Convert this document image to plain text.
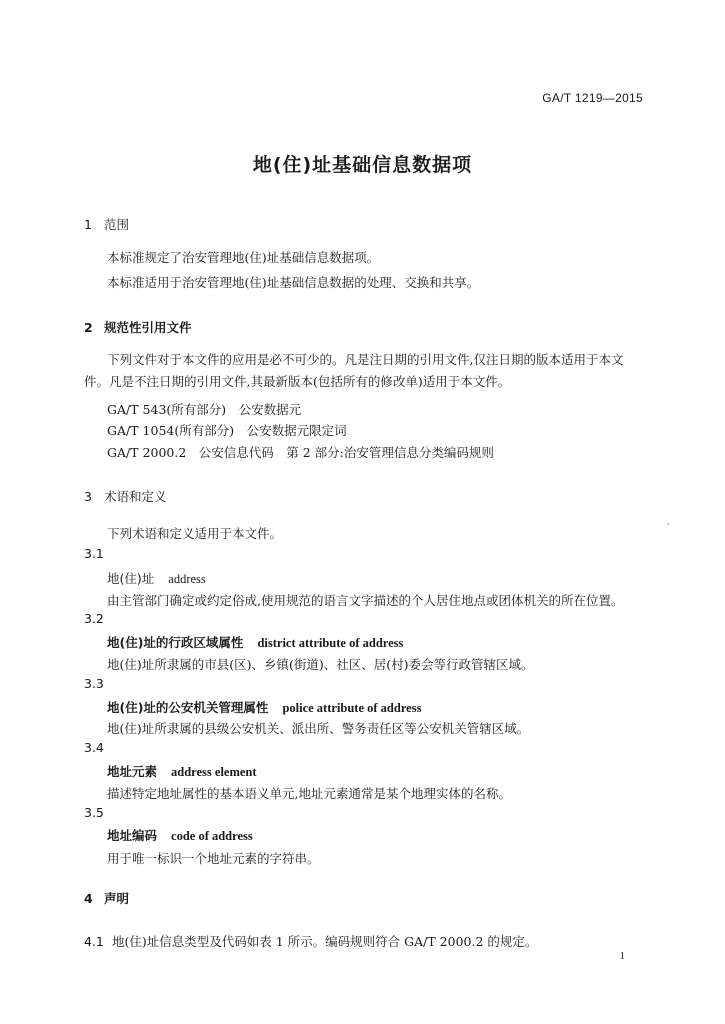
GA/T 1219—2015
地(住)址基础信息数据项
1 范围
本标准规定了治安管理地(住)址基础信息数据项。
本标准适用于治安管理地(住)址基础信息数据的处理、交换和共享。
2 规范性引用文件
下列文件对于本文件的应用是必不可少的。凡是注日期的引用文件,仅注日期的版本适用于本文件。凡是不注日期的引用文件,其最新版本(包括所有的修改单)适用于本文件。
GA/T 543(所有部分)　公安数据元
GA/T 1054(所有部分)　公安数据元限定词
GA/T 2000.2　公安信息代码　第 2 部分:治安管理信息分类编码规则
3 术语和定义
下列术语和定义适用于本文件。
-
3.1
地(住)址 address
由主管部门确定或约定俗成,使用规范的语言文字描述的个人居住地点或团体机关的所在位置。
3.2
地(住)址的行政区域属性 district attribute of address
地(住)址所隶属的市县(区)、乡镇(街道)、社区、居(村)委会等行政管辖区域。
3.3
地(住)址的公安机关管理属性 police attribute of address
地(住)址所隶属的县级公安机关、派出所、警务责任区等公安机关管辖区域。
3.4
地址元素 address element
描述特定地址属性的基本语义单元,地址元素通常是某个地理实体的名称。
3.5
地址编码 code of address
用于唯一标识一个地址元素的字符串。
4 声明
4.1 地(住)址信息类型及代码如表 1 所示。编码规则符合 GA/T 2000.2 的规定。
1
